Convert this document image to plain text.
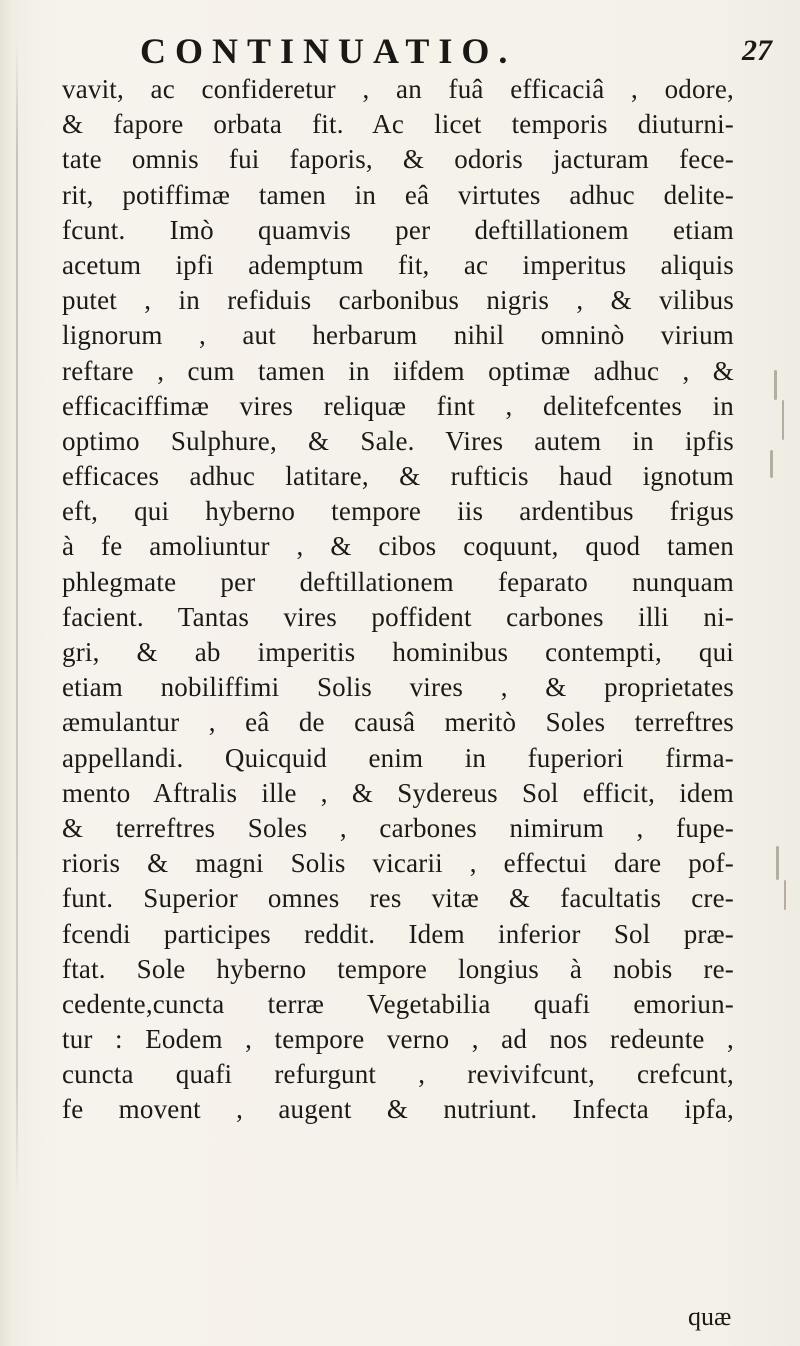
CONTINUATIO.	27
vavit, ac confideretur , an fuâ efficaciâ , odore,
& fapore orbata fit. Ac licet temporis diuturni-
tate omnis fui faporis, & odoris jacturam fece-
rit, potiffimæ tamen in eâ virtutes adhuc delite-
fcunt. Imò quamvis per deftillationem etiam
acetum ipfi ademptum fit, ac imperitus aliquis
putet , in refiduis carbonibus nigris , & vilibus
lignorum , aut herbarum nihil omninò virium
reftare , cum tamen in iifdem optimæ adhuc , &
efficaciffimæ vires reliquæ fint , delitefcentes in
optimo Sulphure, & Sale. Vires autem in ipfis
efficaces adhuc latitare, & rufticis haud ignotum
eft, qui hyberno tempore iis ardentibus frigus
à fe amoliuntur , & cibos coquunt, quod tamen
phlegmate per deftillationem feparato nunquam
facient. Tantas vires poffident carbones illi ni-
gri, & ab imperitis hominibus contempti, qui
etiam nobiliffimi Solis vires , & proprietates
æmulantur , eâ de causâ meritò Soles terreftres
appellandi. Quicquid enim in fuperiori firma-
mento Aftralis ille , & Sydereus Sol efficit, idem
& terreftres Soles , carbones nimirum , fupe-
rioris & magni Solis vicarii , effectui dare pof-
funt. Superior omnes res vitæ & facultatis cre-
fcendi participes reddit. Idem inferior Sol præ-
ftat. Sole hyberno tempore longius à nobis re-
cedente,cuncta terræ Vegetabilia quafi emoriun-
tur : Eodem , tempore verno , ad nos redeunte ,
cuncta quafi refurgunt , revivifcunt, crefcunt,
fe movent , augent & nutriunt. Infecta ipfa,
quæ
